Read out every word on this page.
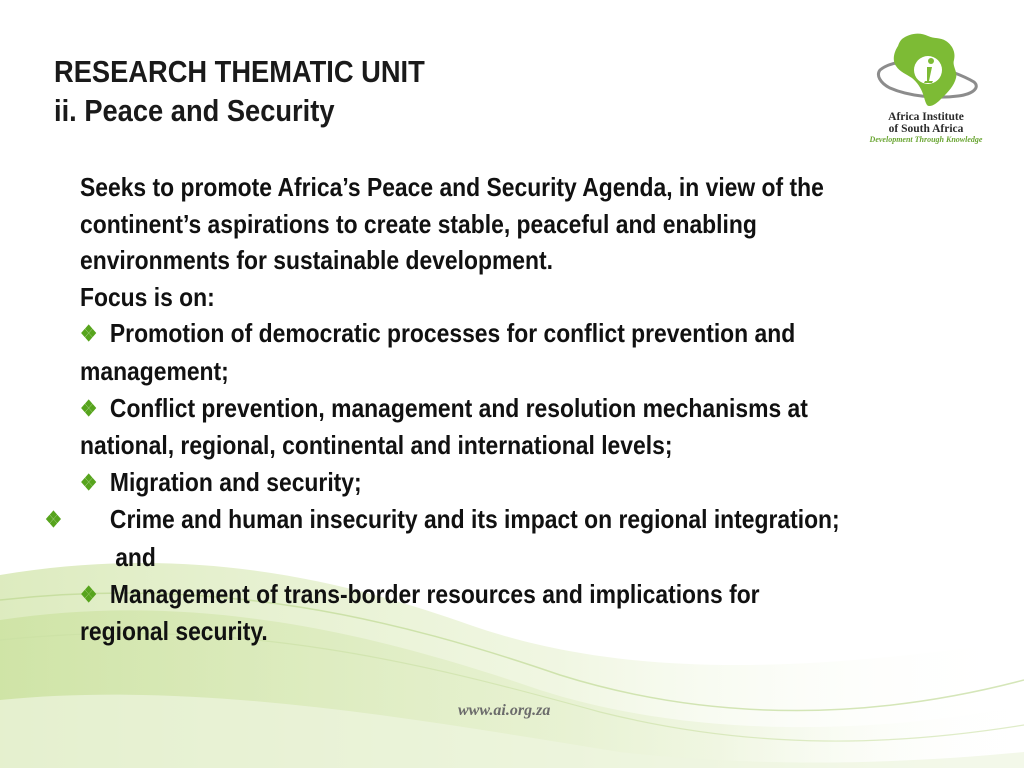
RESEARCH THEMATIC UNIT
ii. Peace and Security	Africa Institute
of South Africa
Development Through Knowledge

Seeks to promote Africa’s Peace and Security Agenda, in view of the continent’s aspirations to create stable, peaceful and enabling environments for sustainable development.

Focus is on:

❖ Promotion of democratic processes for conflict prevention and management;

❖ Conflict prevention, management and resolution mechanisms at national, regional, continental and international levels;

❖ Migration and security;

❖ Crime and human insecurity and its impact on regional integration; and

❖ Management of trans-border resources and implications for regional security.

www.ai.org.za
